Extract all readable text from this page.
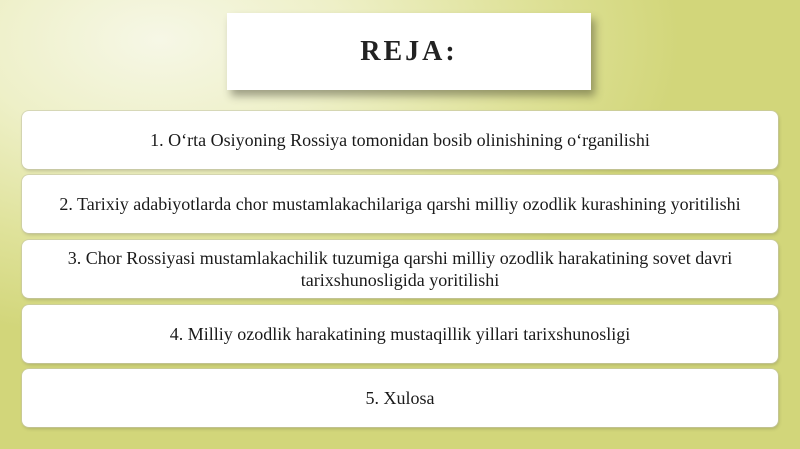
REJA:
1. O‘rta Osiyoning Rossiya tomonidan bosib olinishining o‘rganilishi
2. Tarixiy adabiyotlarda chor mustamlakachilariga qarshi milliy ozodlik kurashining yoritilishi
3. Chor Rossiyasi mustamlakachilik tuzumiga qarshi milliy ozodlik harakatining sovet davri tarixshunosligida yoritilishi
4. Milliy ozodlik harakatining mustaqillik yillari tarixshunosligi
5. Xulosa
